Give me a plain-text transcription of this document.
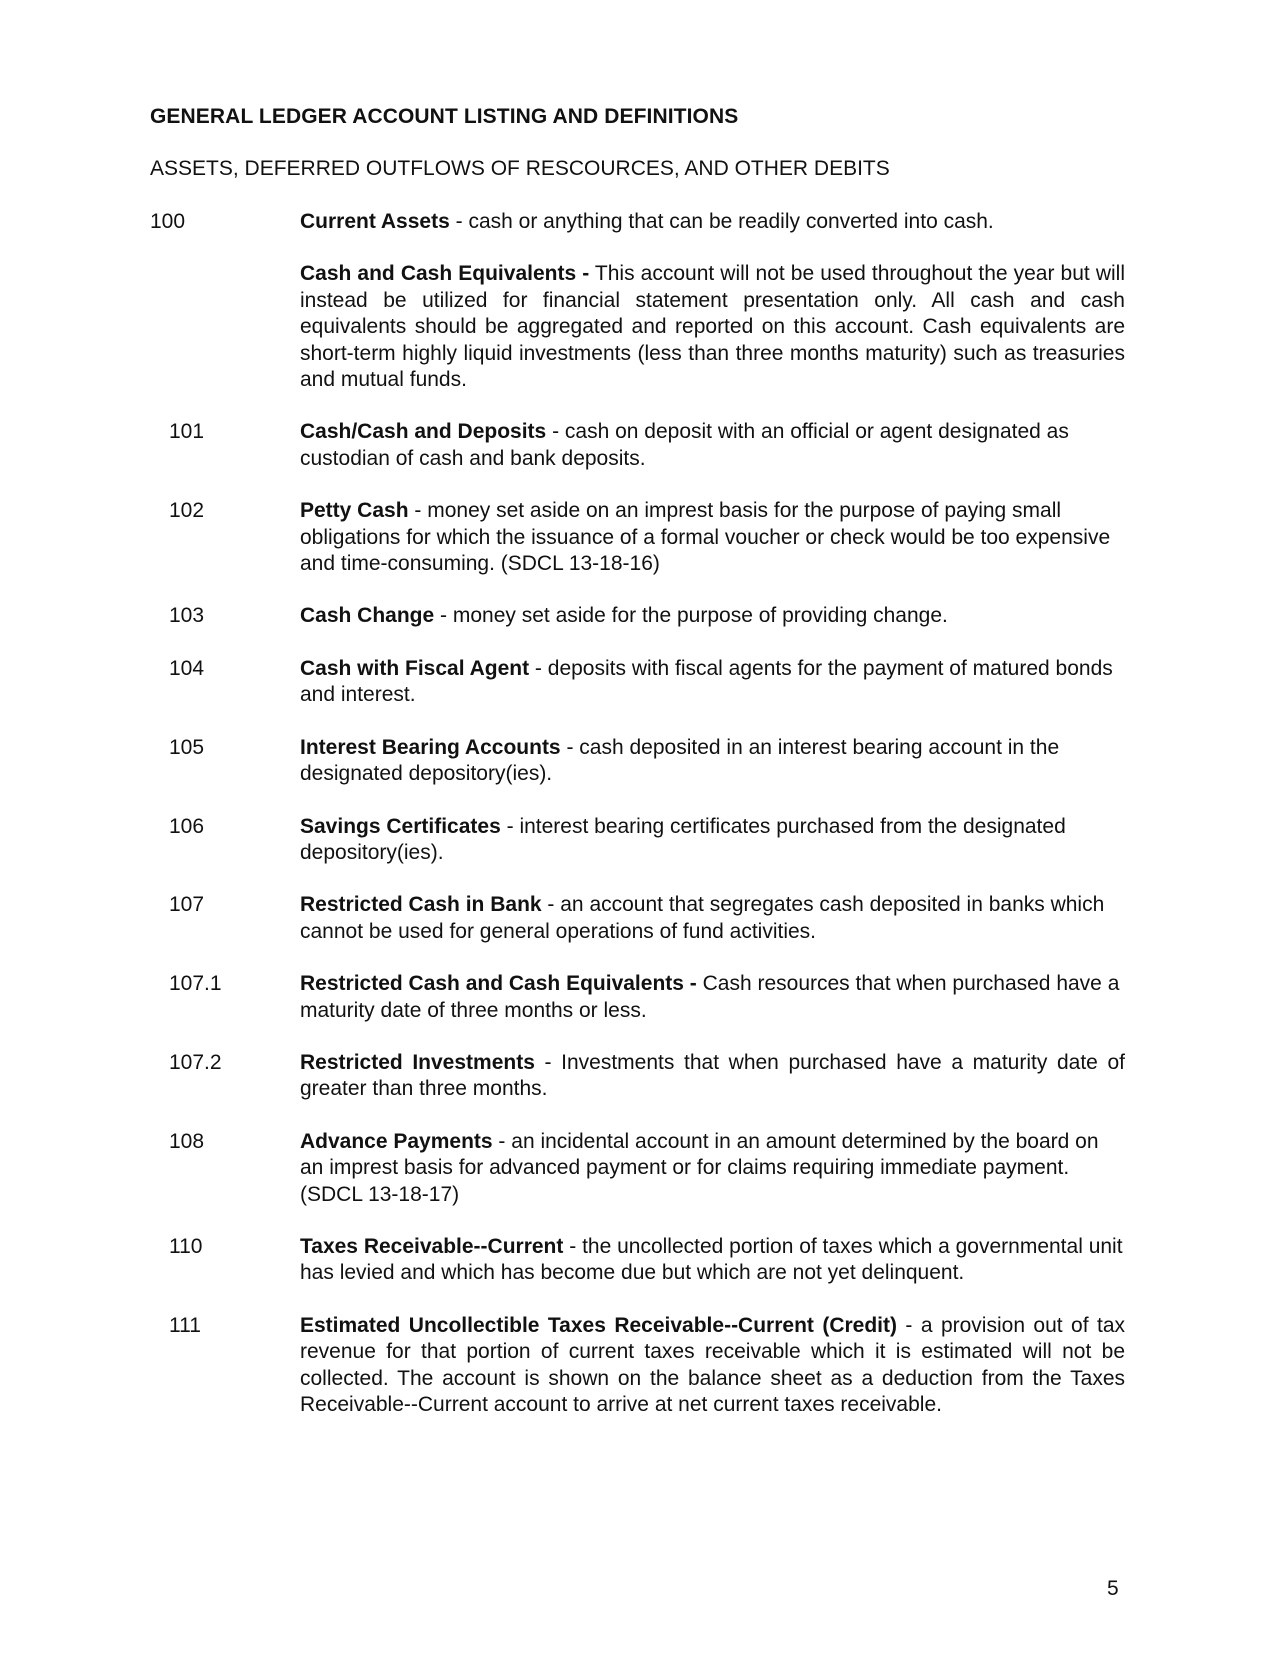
GENERAL LEDGER ACCOUNT LISTING AND DEFINITIONS
ASSETS, DEFERRED OUTFLOWS OF RESCOURCES, AND OTHER DEBITS
100	Current Assets - cash or anything that can be readily converted into cash.
Cash and Cash Equivalents - This account will not be used throughout the year but will instead be utilized for financial statement presentation only. All cash and cash equivalents should be aggregated and reported on this account. Cash equivalents are short-term highly liquid investments (less than three months maturity) such as treasuries and mutual funds.
101	Cash/Cash and Deposits - cash on deposit with an official or agent designated as custodian of cash and bank deposits.
102	Petty Cash - money set aside on an imprest basis for the purpose of paying small obligations for which the issuance of a formal voucher or check would be too expensive and time-consuming. (SDCL 13-18-16)
103	Cash Change - money set aside for the purpose of providing change.
104	Cash with Fiscal Agent - deposits with fiscal agents for the payment of matured bonds and interest.
105	Interest Bearing Accounts - cash deposited in an interest bearing account in the designated depository(ies).
106	Savings Certificates - interest bearing certificates purchased from the designated depository(ies).
107	Restricted Cash in Bank - an account that segregates cash deposited in banks which cannot be used for general operations of fund activities.
107.1	Restricted Cash and Cash Equivalents - Cash resources that when purchased have a maturity date of three months or less.
107.2	Restricted Investments - Investments that when purchased have a maturity date of greater than three months.
108	Advance Payments - an incidental account in an amount determined by the board on an imprest basis for advanced payment or for claims requiring immediate payment. (SDCL 13-18-17)
110	Taxes Receivable--Current - the uncollected portion of taxes which a governmental unit has levied and which has become due but which are not yet delinquent.
111	Estimated Uncollectible Taxes Receivable--Current (Credit) - a provision out of tax revenue for that portion of current taxes receivable which it is estimated will not be collected. The account is shown on the balance sheet as a deduction from the Taxes Receivable--Current account to arrive at net current taxes receivable.
5
